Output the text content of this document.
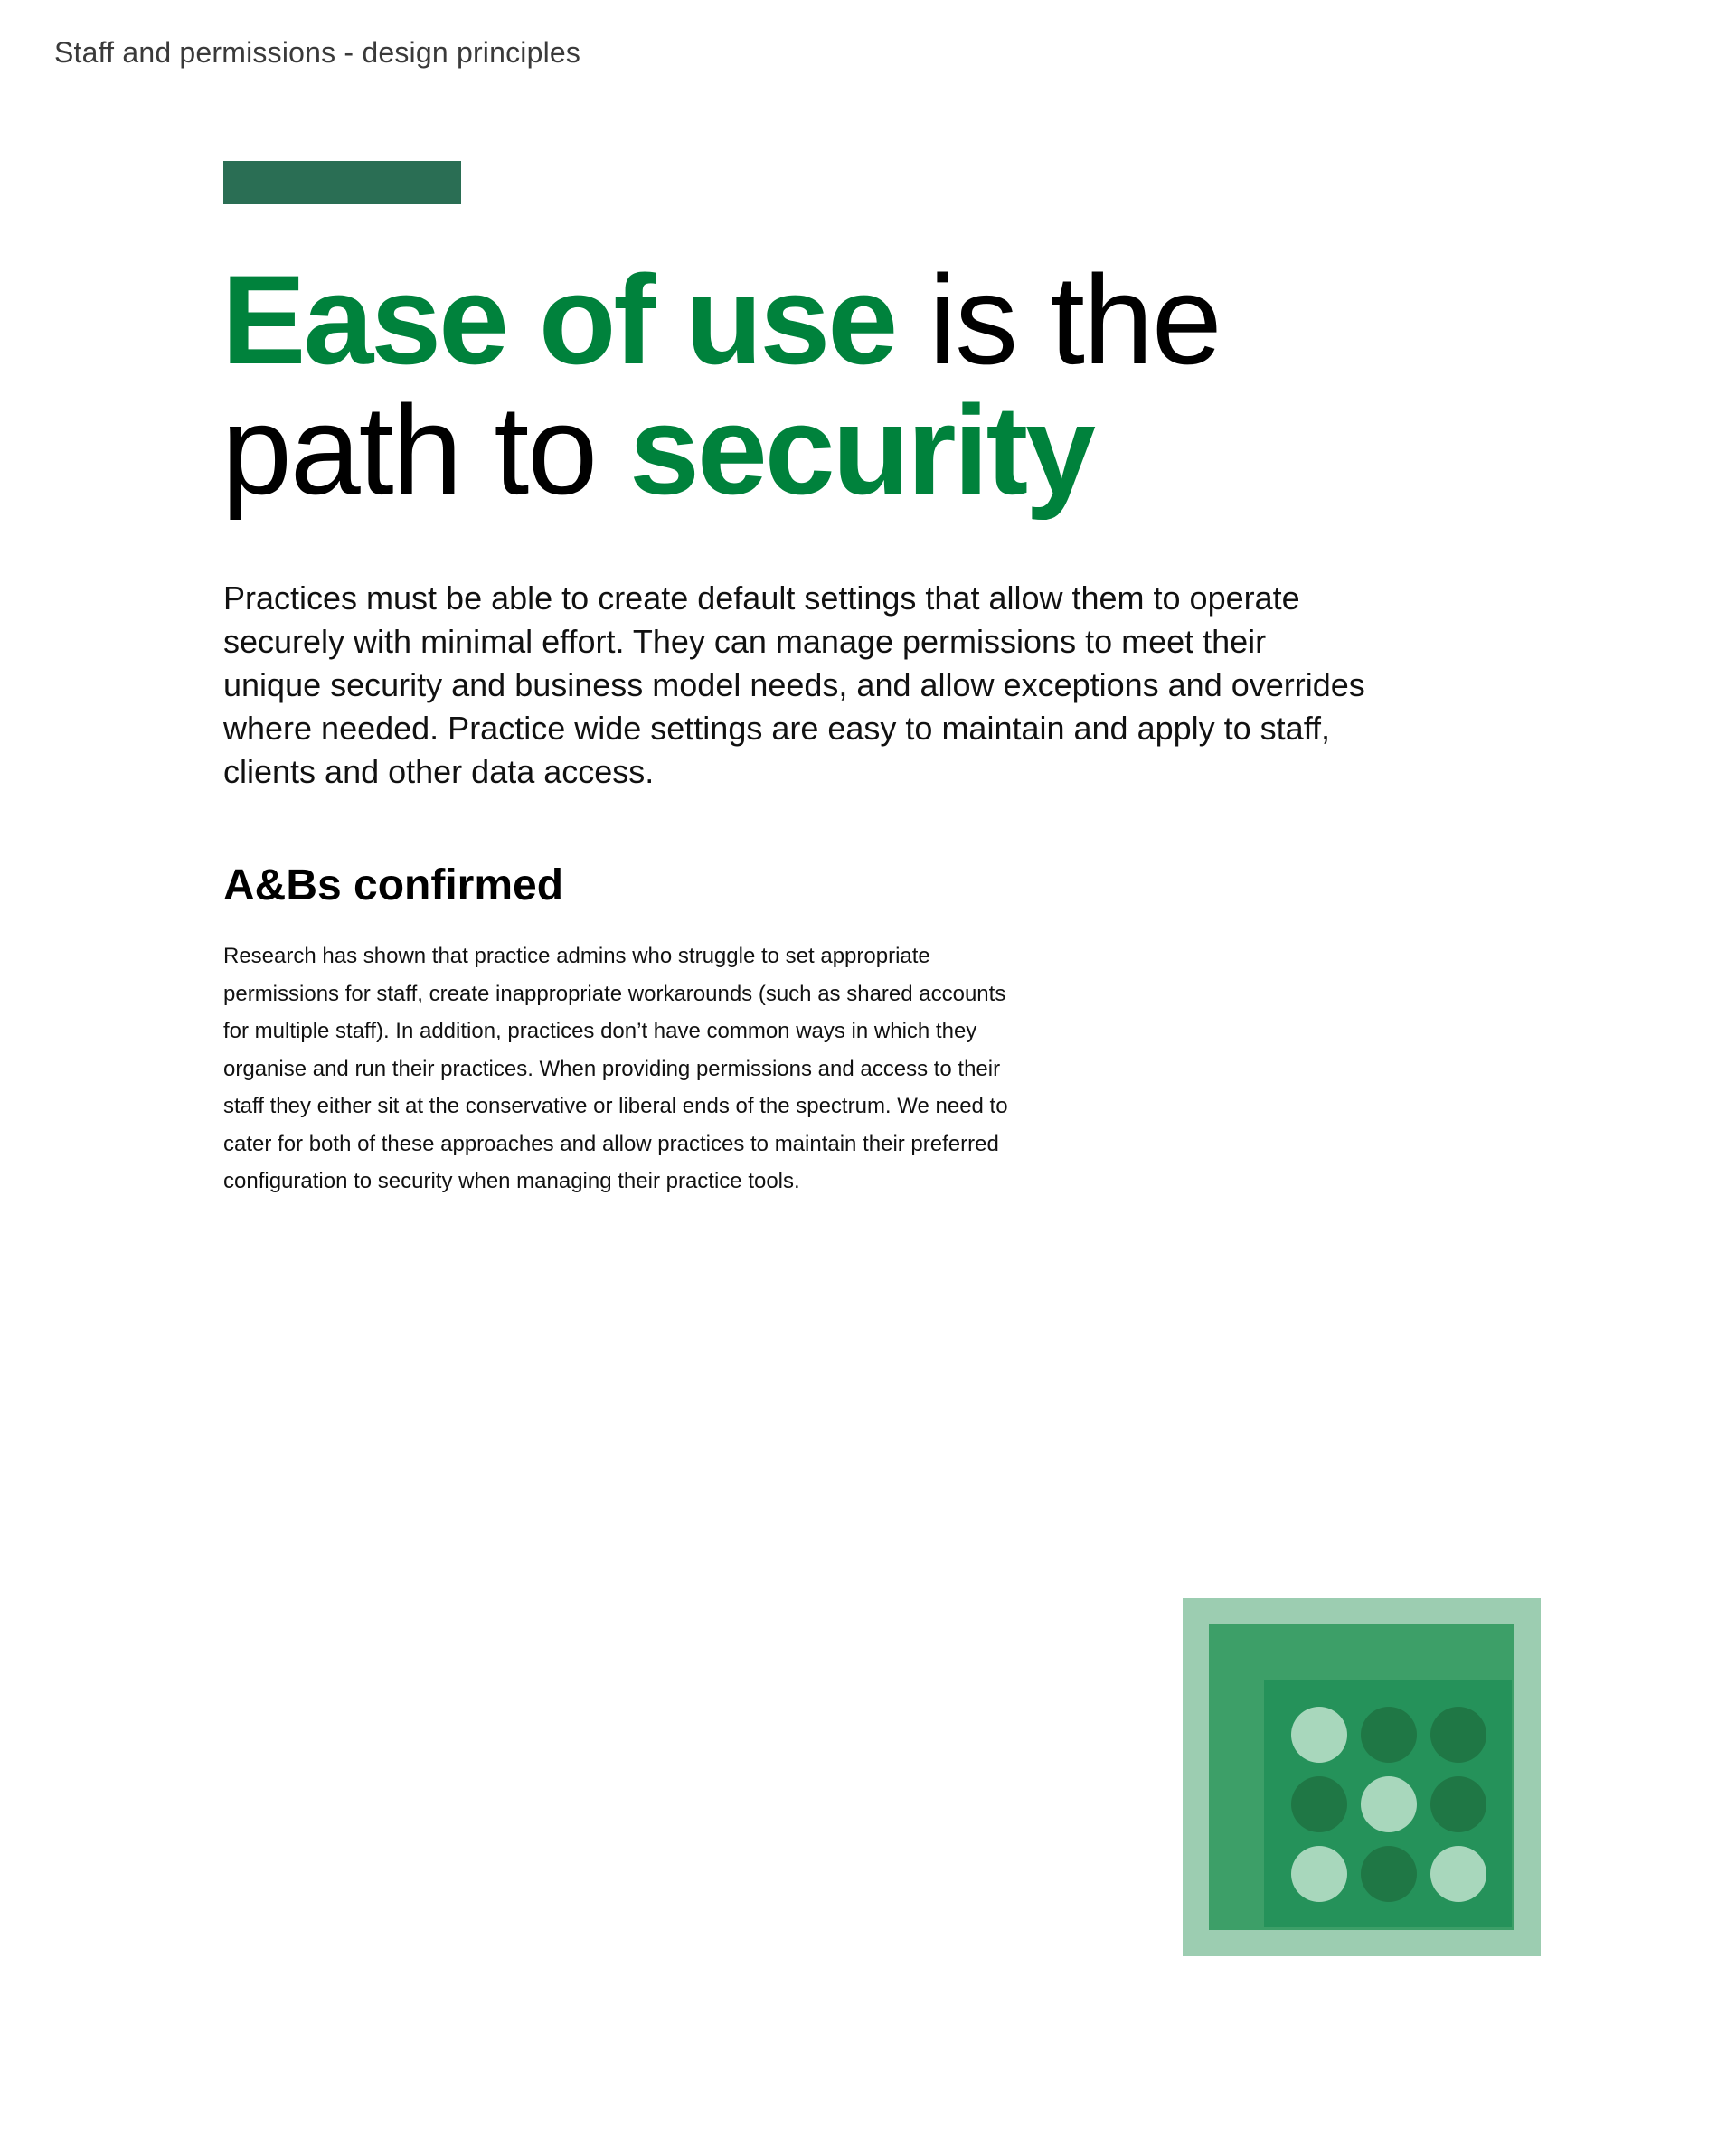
Staff and permissions - design principles
Ease of use is the path to security

Practices must be able to create default settings that allow them to operate securely with minimal effort. They can manage permissions to meet their unique security and business model needs, and allow exceptions and overrides where needed. Practice wide settings are easy to maintain and apply to staff, clients and other data access.

A&Bs confirmed

Research has shown that practice admins who struggle to set appropriate permissions for staff, create inappropriate workarounds (such as shared accounts for multiple staff). In addition, practices don’t have common ways in which they organise and run their practices. When providing permissions and access to their staff they either sit at the conservative or liberal ends of the spectrum. We need to cater for both of these approaches and allow practices to maintain their preferred configuration to security when managing their practice tools.
